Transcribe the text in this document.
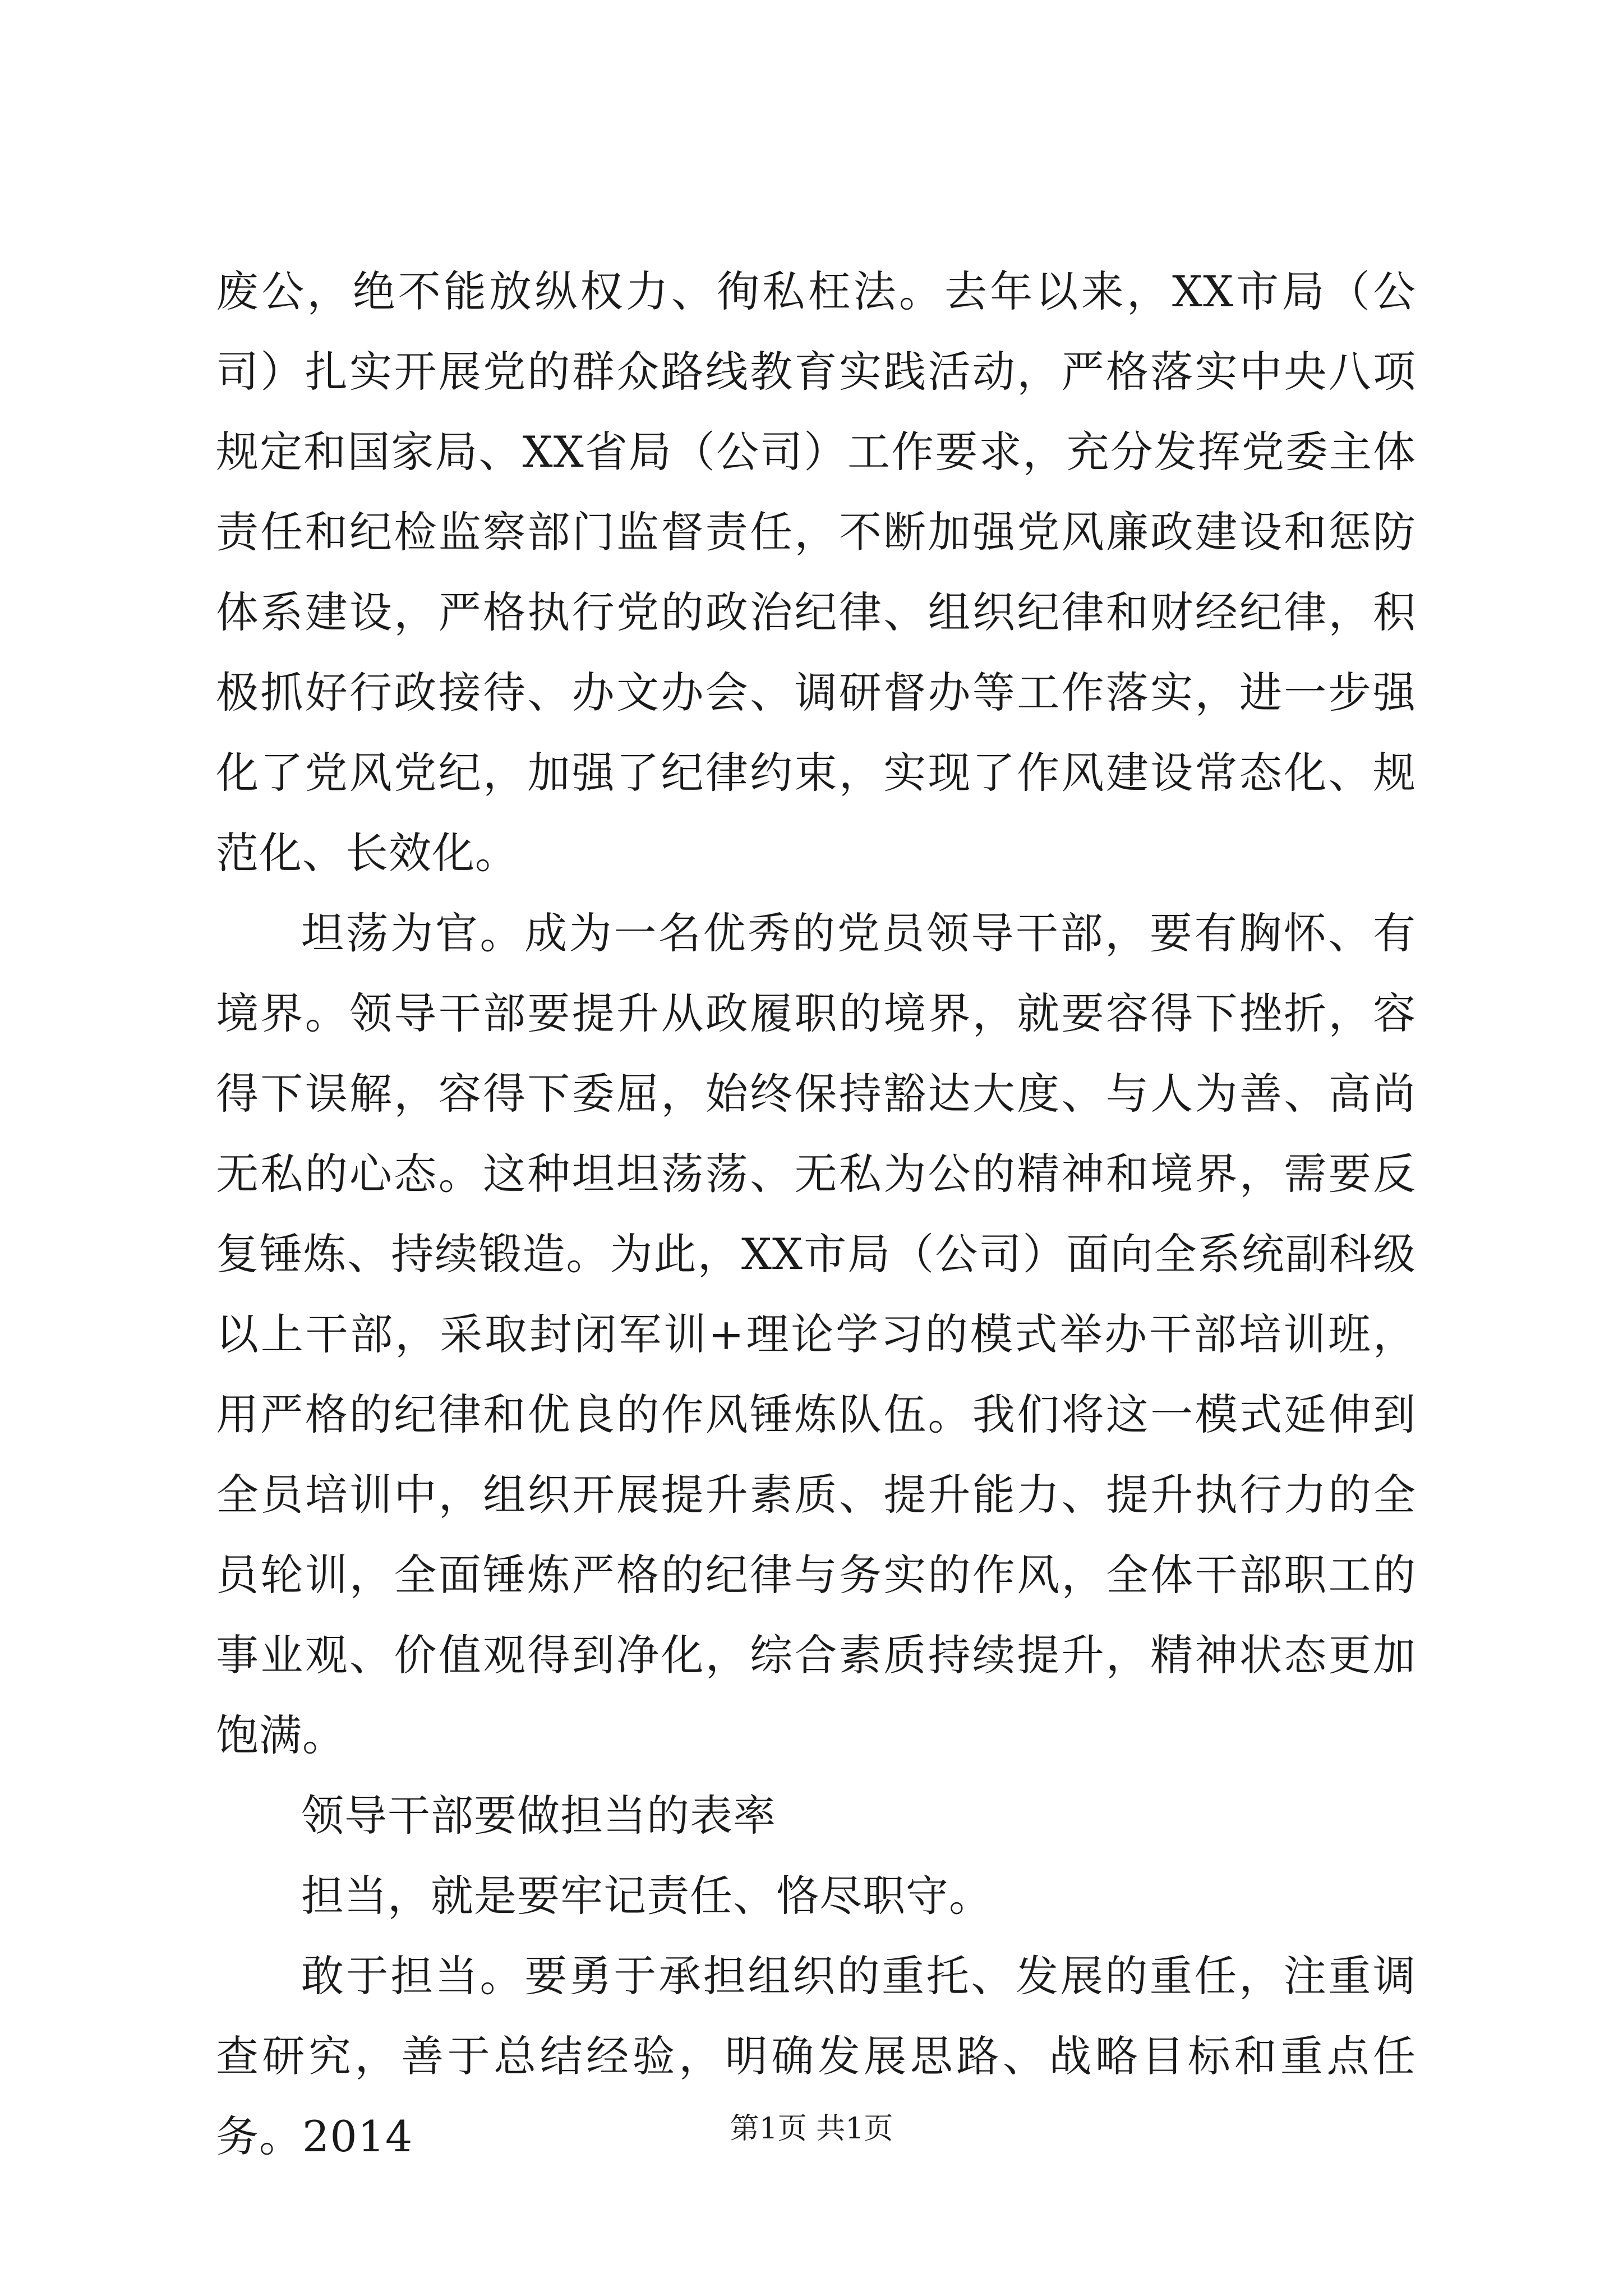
废公，绝不能放纵权力、徇私枉法。去年以来，XX市局（公司）扎实开展党的群众路线教育实践活动，严格落实中央八项规定和国家局、XX省局（公司）工作要求，充分发挥党委主体责任和纪检监察部门监督责任，不断加强党风廉政建设和惩防体系建设，严格执行党的政治纪律、组织纪律和财经纪律，积极抓好行政接待、办文办会、调研督办等工作落实，进一步强化了党风党纪，加强了纪律约束，实现了作风建设常态化、规范化、长效化。

坦荡为官。成为一名优秀的党员领导干部，要有胸怀、有境界。领导干部要提升从政履职的境界，就要容得下挫折，容得下误解，容得下委屈，始终保持豁达大度、与人为善、高尚无私的心态。这种坦坦荡荡、无私为公的精神和境界，需要反复锤炼、持续锻造。为此，XX市局（公司）面向全系统副科级以上干部，采取封闭军训+理论学习的模式举办干部培训班，用严格的纪律和优良的作风锤炼队伍。我们将这一模式延伸到全员培训中，组织开展提升素质、提升能力、提升执行力的全员轮训，全面锤炼严格的纪律与务实的作风，全体干部职工的事业观、价值观得到净化，综合素质持续提升，精神状态更加饱满。

领导干部要做担当的表率

担当，就是要牢记责任、恪尽职守。

敢于担当。要勇于承担组织的重托、发展的重任，注重调查研究，善于总结经验，明确发展思路、战略目标和重点任务。2014	第1页 共1页
